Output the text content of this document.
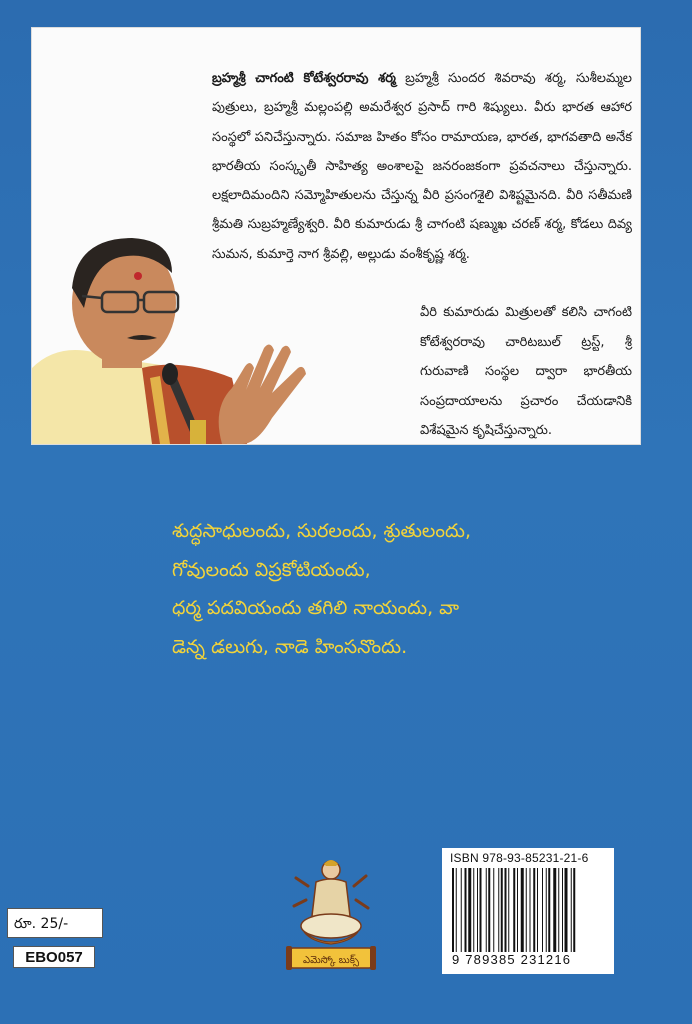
బ్రహ్మశ్రీ చాగంటి కోటేశ్వరరావు శర్మ బ్రహ్మశ్రీ సుందర శివరావు శర్మ, సుశీలమ్మల పుత్రులు, బ్రహ్మశ్రీ మల్లంపల్లి అమరేశ్వర ప్రసాద్ గారి శిష్యులు. వీరు భారత ఆహార సంస్థలో పనిచేస్తున్నారు. సమాజ హితం కోసం రామాయణ, భారత, భాగవతాది అనేక భారతీయ సంస్కృతీ సాహిత్య అంశాలపై జనరంజకంగా ప్రవచనాలు చేస్తున్నారు. లక్షలాదిమందిని సమ్మోహితులను చేస్తున్న వీరి ప్రసంగశైలి విశిష్టమైనది. వీరి సతీమణి శ్రీమతి సుబ్రహ్మణ్యేశ్వరి. వీరి కుమారుడు శ్రీ చాగంటి షణ్ముఖ చరణ్ శర్మ, కోడలు దివ్య సుమన, కుమార్తె నాగ శ్రీవల్లి, అల్లుడు వంశీకృష్ణ శర్మ.
వీరి కుమారుడు మిత్రులతో కలిసి చాగంటి కోటేశ్వరరావు చారిటబుల్ ట్రస్ట్, శ్రీ గురువాణి సంస్థల ద్వారా భారతీయ సంప్రదాయాలను ప్రచారం చేయడానికి విశేషమైన కృషిచేస్తున్నారు.
శుద్ధసాధులందు, సురలందు, శ్రుతులందు,
గోవులందు విప్రకోటియందు,
ధర్మ పదవియందు తగిలి నాయందు, వా
డెన్న డలుగు, నాడె హింసనొందు.
ఎమెస్కో బుక్స్
ISBN 978-93-85231-21-6
9 789385 231216
రూ. 25/-
EBO057
